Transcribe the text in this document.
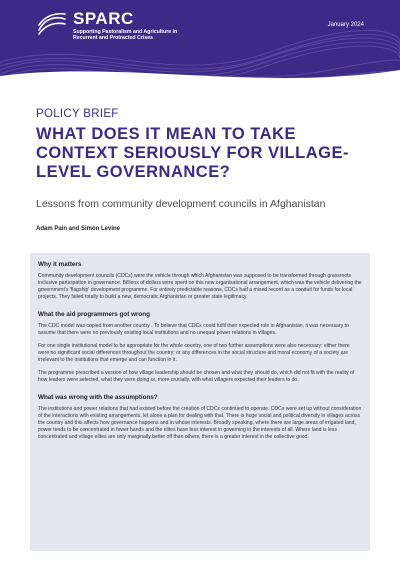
SPARC
Supporting Pastoralism and Agriculture in Recurrent and Protracted Crises
January 2024
POLICY BRIEF
WHAT DOES IT MEAN TO TAKE CONTEXT SERIOUSLY FOR VILLAGE-LEVEL GOVERNANCE?
Lessons from community development councils in Afghanistan
Adam Pain and Simon Levine
Why it matters

Community development councils (CDCs) were the vehicle through which Afghanistan was supposed to be transformed through grassroots inclusive participation in governance. Billions of dollars were spent on this new organisational arrangement, which was the vehicle delivering the government's 'flagship' development programme. For entirely predictable reasons, CDCs had a mixed record as a conduit for funds for local projects. They failed totally to build a new, democratic Afghanistan or greater state legitimacy.

What the aid programmers got wrong

The CDC model was copied from another country . To believe that CDCs could fulfil their expected role in Afghanistan, it was necessary to assume that there were no previously existing local institutions and no unequal power relations in villages.

For one single institutional model to be appropriate for the whole country, one of two further assumptions were also necessary: either there were no significant social differences throughout the country; or any differences in the social structure and moral economy of a society are irrelevant to the institutions that emerge and can function in it.

The programme prescribed a version of how village leadership should be chosen and what they should do, which did not fit with the reality of how leaders were selected, what they were doing or, more crucially, with what villagers expected their leaders to do.

What was wrong with the assumptions?

The institutions and power relations that had existed before the creation of CDCs continued to operate. CDCs were set up without consideration of the interactions with existing arrangements, let alone a plan for dealing with that. There is huge social and political diversity in villages across the country and this affects how governance happens and in whose interests. Broadly speaking, where there are large areas of irrigated land, power tends to be concentrated in fewer hands and the elites have less interest in governing in the interests of all. Where land is less concentrated and village elites are only marginally better off than others, there is a greater interest in the collective good.
